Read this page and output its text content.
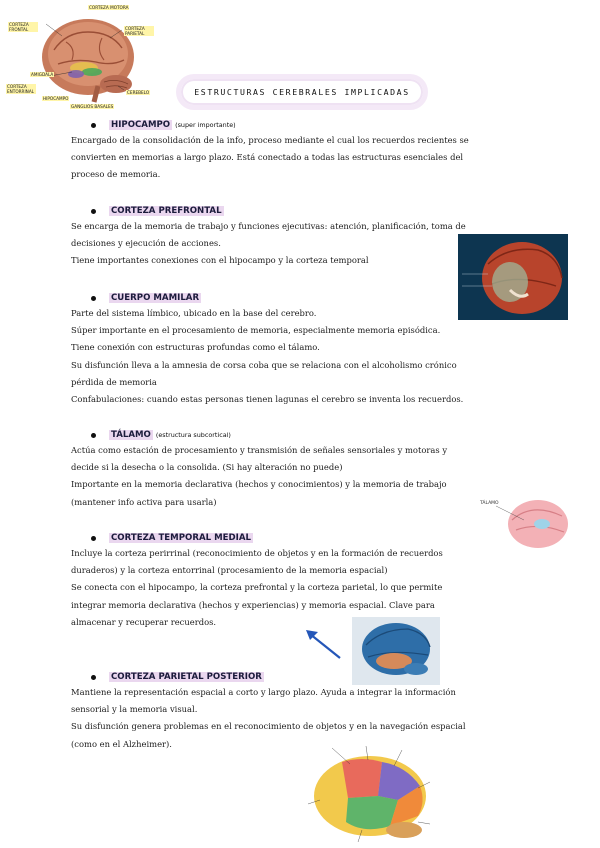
CORTEZA MOTORA
CORTEZA FRONTAL	CORTEZA PARIETAL
AMIGDALA
CORTEZA ENTORRINAL
HIPOCAMPO
CEREBELO
GANGLIOS BASALES
ESTRUCTURAS CEREBRALES IMPLICADAS
HIPOCAMPO (super importante)
Encargado de la consolidación de la info, proceso mediante el cual los recuerdos recientes se
convierten en memorias a largo plazo. Está conectado a todas las estructuras esenciales del
proceso de memoria.
CORTEZA PREFRONTAL
Se encarga de la memoria de trabajo y funciones ejecutivas: atención, planificación, toma de
decisiones y ejecución de acciones.
Tiene importantes conexiones con el hipocampo y la corteza temporal
CUERPO MAMILAR
Parte del sistema límbico, ubicado en la base del cerebro.
Súper importante en el procesamiento de memoria, especialmente memoria episódica.
Tiene conexión con estructuras profundas como el tálamo.
Su disfunción lleva a la amnesia de corsa coba que se relaciona con el alcoholismo crónico
pérdida de memoria
Confabulaciones: cuando estas personas tienen lagunas el cerebro se inventa los recuerdos.
TÁLAMO (estructura subcortical)
Actúa como estación de procesamiento y transmisión de señales sensoriales y motoras y
decide si la desecha o la consolida. (Si hay alteración no puede)
Importante en la memoria declarativa (hechos y conocimientos) y la memoria de trabajo
(mantener info activa para usarla)	TÁLAMO
CORTEZA TEMPORAL MEDIAL
Incluye la corteza perirrinal (reconocimiento de objetos y en la formación de recuerdos
duraderos) y la corteza entorrinal (procesamiento de la memoria espacial)
Se conecta con el hipocampo, la corteza prefrontal y la corteza parietal, lo que permite
integrar memoria declarativa (hechos y experiencias) y memoria espacial. Clave para
almacenar y recuperar recuerdos.
CORTEZA PARIETAL POSTERIOR
Mantiene la representación espacial a corto y largo plazo. Ayuda a integrar la información
sensorial y la memoria visual.
Su disfunción genera problemas en el reconocimiento de objetos y en la navegación espacial
(como en el Alzheimer).
